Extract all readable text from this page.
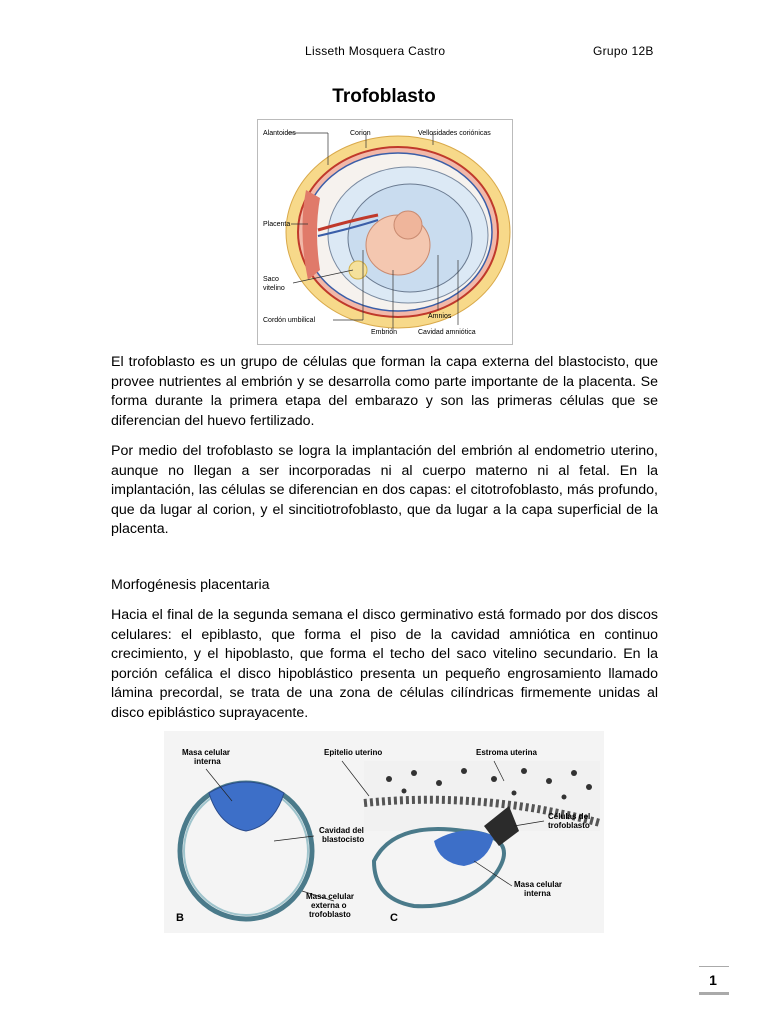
Lisseth Mosquera Castro	Grupo 12B
Trofoblasto
Alantoides	Corion	Vellosidades coriónicas
Placenta
Saco
vitelino
Cordón umbilical
Amnios
Embrión	Cavidad amniótica
El trofoblasto es un grupo de células que forman la capa externa del blastocisto, que provee nutrientes al embrión y se desarrolla como parte importante de la placenta. Se forma durante la primera etapa del embarazo y son las primeras células que se diferencian del huevo fertilizado.
Por medio del trofoblasto se logra la implantación del embrión al endometrio uterino, aunque no llegan a ser incorporadas ni al cuerpo materno ni al fetal. En la implantación, las células se diferencian en dos capas: el citotrofoblasto, más profundo, que da lugar al corion, y el sincitiotrofoblasto, que da lugar a la capa superficial de la placenta.
Morfogénesis placentaria
Hacia el final de la segunda semana el disco germinativo está formado por dos discos celulares: el epiblasto, que forma el piso de la cavidad amniótica en continuo crecimiento, y el hipoblasto, que forma el techo del saco vitelino secundario. En la porción cefálica el disco hipoblástico presenta un pequeño engrosamiento llamado lámina precordal, se trata de una zona de células cilíndricas firmemente unidas al disco epiblástico suprayacente.
Masa celular
interna
Epitelio uterino	Estroma uterina
Células del
trofoblasto
Cavidad del
blastocisto
Masa celular
interna
Masa celular
externa o
trofoblasto
B	C
1
